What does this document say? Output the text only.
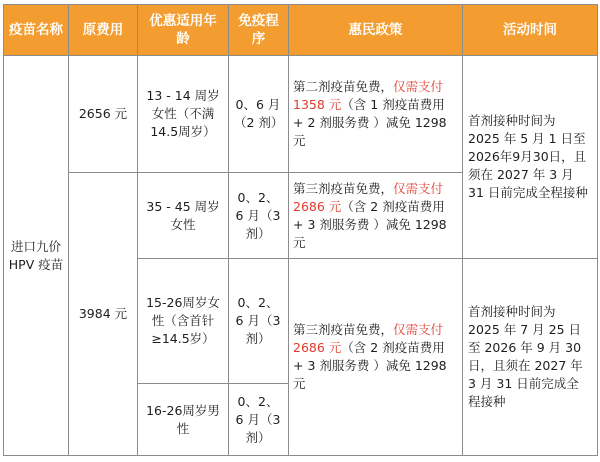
疫苗名称	原费用	优惠适用年龄	免疫程序	惠民政策	活动时间
进口九价HPV 疫苗	2656 元	13 - 14 周岁女性（不满14.5周岁）	0、6 月（2 剂）	第二剂疫苗免费，仅需支付1358 元（含 1 剂疫苗费用 + 2 剂服务费 ）减免 1298 元	首剂接种时间为 2025 年 5 月 1 日至 2026年9月30日，且须在 2027 年 3 月 31 日前完成全程接种
	3984 元	35 - 45 周岁女性	0、2、6 月（3 剂）	第三剂疫苗免费，仅需支付2686 元（含 2 剂疫苗费用 + 3 剂服务费 ）减免 1298 元	
		15-26周岁女性（含首针≥14.5岁）	0、2、6 月（3 剂）	第三剂疫苗免费，仅需支付2686 元（含 2 剂疫苗费用 + 3 剂服务费 ）减免 1298 元	首剂接种时间为 2025 年 7 月 25 日至 2026 年 9 月 30 日，且须在 2027 年 3 月 31 日前完成全程接种
		16-26周岁男性	0、2、6 月（3 剂）		
